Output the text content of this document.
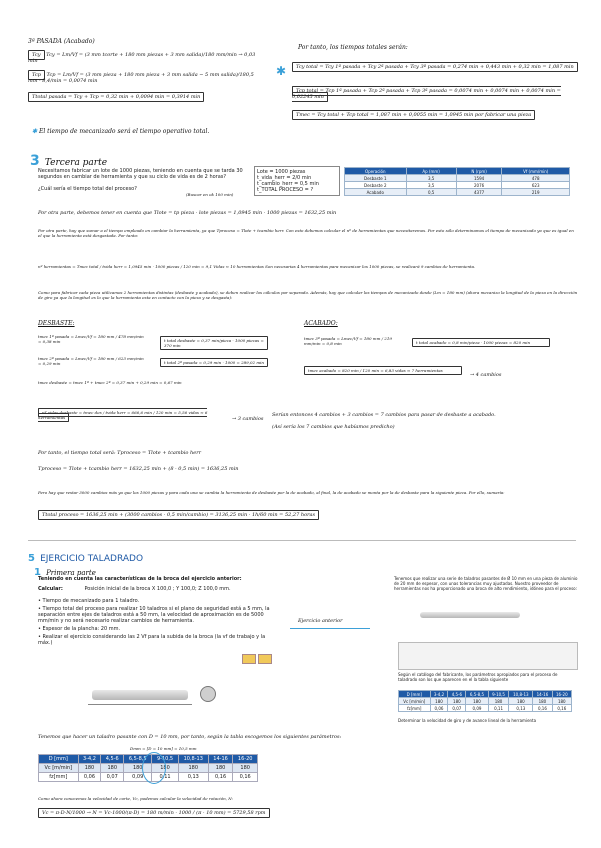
3ª PASADA (Acabado)
Tcy Tcy = Lm/Vf = (3 mm tcorte + 180 mm piezas + 3 mm salida)/180 mm/min → 0,03 min
Tcp Tcp = Lm/Vf = (3 mm pieza + 180 mm pieza + 3 mm salida − 5 mm salida)/180,5 mm · 8,4/min = 0,0074 min
Ttotal pasada = Tcy + Tcp = 0,32 min + 0,0094 min = 0,3914 min
✱ El tiempo de mecanizado será el tiempo operativo total.
Por tanto, los tiempos totales serán:
✱	Tcy total = Tcy 1ª pasada + Tcy 2ª pasada + Tcy 3ª pasada = 0,274 min + 0,443 min + 0,32 min = 1,087 min
Tcp total = Tcp 1ª pasada + Tcp 2ª pasada + Tcp 3ª pasada = 0,0074 min + 0,0074 min + 0,0074 min = 0,02245 min
Tmec = Tcy total + Tcp total = 1,087 min + 0,0055 min = 1,0945 min por fabricar una pieza
3 Tercera parte
Necesitamos fabricar un lote de 1000 piezas, teniendo en cuenta que se tarda 30 segundos en cambiar de herramienta y que su ciclo de vida es de 2 horas?
¿Cuál sería el tiempo total del proceso?
(Buscar en ok 100 min)
Lote = 1000 piezas
t_vida_herr = 2/0 min
t_cambio_herr = 0,5 min
t_TOTAL PROCESO = ?
Operación	Ap (mm)	N (rpm)	Vf (mm/min)
Desbaste 1	3,5	1594	478
Desbaste 2	3,5	2076	623
Acabado	0,5	4377	219
Por otra parte, debemos tener en cuenta que Tlote = tp pieza · lote piezas = 1,0945 min · 1000 piezas = 1632,25 min
Por otra parte, hay que sumar a el tiempo empleado en cambiar la herramienta, ya que Tproceso = Tlote + tcambio herr. Con esto debemos calcular el nº de herramientas que necesitaremos. Por esto sólo determinamos el tiempo de mecanizado ya que es igual en el que la herramienta está desgastada. Por tanto:
nº herramientas = Tmec total / tvida herr = 1,0945 min · 1000 piezas / 120 min = 9,1 Vidas ≈ 10 herramientas Son necesarias 4 herramientas para mecanizar los 1000 piezas, se realizará 9 cambios de herramienta.
Como para fabricar cada pieza utilizamos 2 herramientas distintas (desbaste y acabado), se deben realizar los cálculos por separado. Además, hay que calcular los tiempos de mecanizado desde (Lm = 180 mm) (ahora mecanizo la longitud de la pieza en la dirección de giro ya que la longitud es lo que la herramienta esta en contacto con la pieza y se desgasta):
DESBASTE:
tmec 1ª pasada = Lmec/Vf = 180 mm / 478 mm/min = 0,38 min	t total desbaste = 0,37 min/pieza · 1000 piezas = 370 min
tmec 2ª pasada = Lmec/Vf = 180 mm / 623 mm/min = 0,29 min	t total 2ª pasada = 0,29 min · 1000 = 289,02 min
tmec desbaste = tmec 1ª + tmec 2ª = 0,37 min + 0,29 min = 0,67 min
nº vidas desbaste = tmec des / tvida herr = 666,6 min / 120 min = 5,56 vidas ≈ 6 herramientas	→ 3 cambios
ACABADO:
tmec 3ª pasada = Lmec/Vf = 180 mm / 219 mm/min = 0,8 min	t total acabado = 0,8 min/pieza · 1000 piezas = 820 min
tmec acabado = 820 min / 120 min = 6,83 vidas ≈ 7 herramientas
→ 4 cambios
Serían entonces 4 cambios + 3 cambios = 7 cambios para pasar de desbaste a acabado.
(Así sería los 7 cambios que habíamos predicho)
Por tanto, el tiempo total será: Tproceso = Tlote + tcambio herr
Tproceso = Tlote + tcambio herr = 1632,25 min + (8 · 0,5 min) = 1636,25 min
Pero hay que restar 3000 cambios más ya que los 1000 piezas y para cada una se cambia la herramienta de desbaste por la de acabado, al final, la de acabado se monta por la de desbaste para la siguiente pieza. Por ello, sumaría:
Ttotal proceso = 1636,25 min + (3000 cambios · 0,5 min/cambio) = 3136,25 min · 1h/60 min = 52,27 horas
5 EJERCICIO TALADRADO
1 Primera parte
Teniendo en cuenta las características de la broca del ejercicio anterior:
Calcular:	Posición inicial de la broca X 100,0 ; Y 100,0; Z 100,0 mm.
• Tiempo de mecanizado para 1 taladro.
• Tiempo total del proceso para realizar 10 taladros si el plano de seguridad está a 5 mm, la separación entre ejes de taladros está a 50 mm, la velocidad de aproximación es de 5000 mm/min y no será necesario realizar cambios de herramienta.
• Espesor de la plancha: 20 mm.
• Realizar el ejercicio considerando las 2 Vf para la subida de la broca (la vf de trabajo y la máx.)
Tenemos que hacer un taladro pasante con D = 10 mm, por tanto, según la tabla escogemos los siguientes parámetros:
Dmm = [D = 10 mm] = 10,5 mm
D [mm]	3-4,2	4,5-6	6,5-8,5	9-10,5	10,8-13	14-16	16-20
Vc [m/min]	180	180	180	180	180	180	180
fz[mm]	0,06	0,07	0,09	0,11	0,13	0,16	0,16
Como ahora conocemos la velocidad de corte, Vc, podemos calcular la velocidad de rotación, N:
Vc = π·D·N/1000 → N = Vc·1000/(π·D) = 180 m/min · 1000 / (π · 10 mm) = 5729,58 rpm
Ejercicio anterior
Tenemos que realizar una serie de taladros pasantes de Ø 10 mm en una pieza de aluminio de 20 mm de espesor, con unas tolerancias muy ajustadas. Nuestro proveedor de herramientas nos ha proporcionado una broca de alto rendimiento, idóneo para el proceso:
Según el catálogo del fabricante, los parámetros apropiados para el proceso de taladrado son los que aparecen en el la tabla siguiente
D [mm]	3-4,2	4,5-6	6,5-8,5	9-10,5	10,8-13	14-16	16-20
Vc [m/min]	180	180	180	180	180	180	180
fz[mm]	0,06	0,07	0,09	0,11	0,13	0,16	0,16
Determinar la velocidad de giro y de avance lineal de la herramienta
